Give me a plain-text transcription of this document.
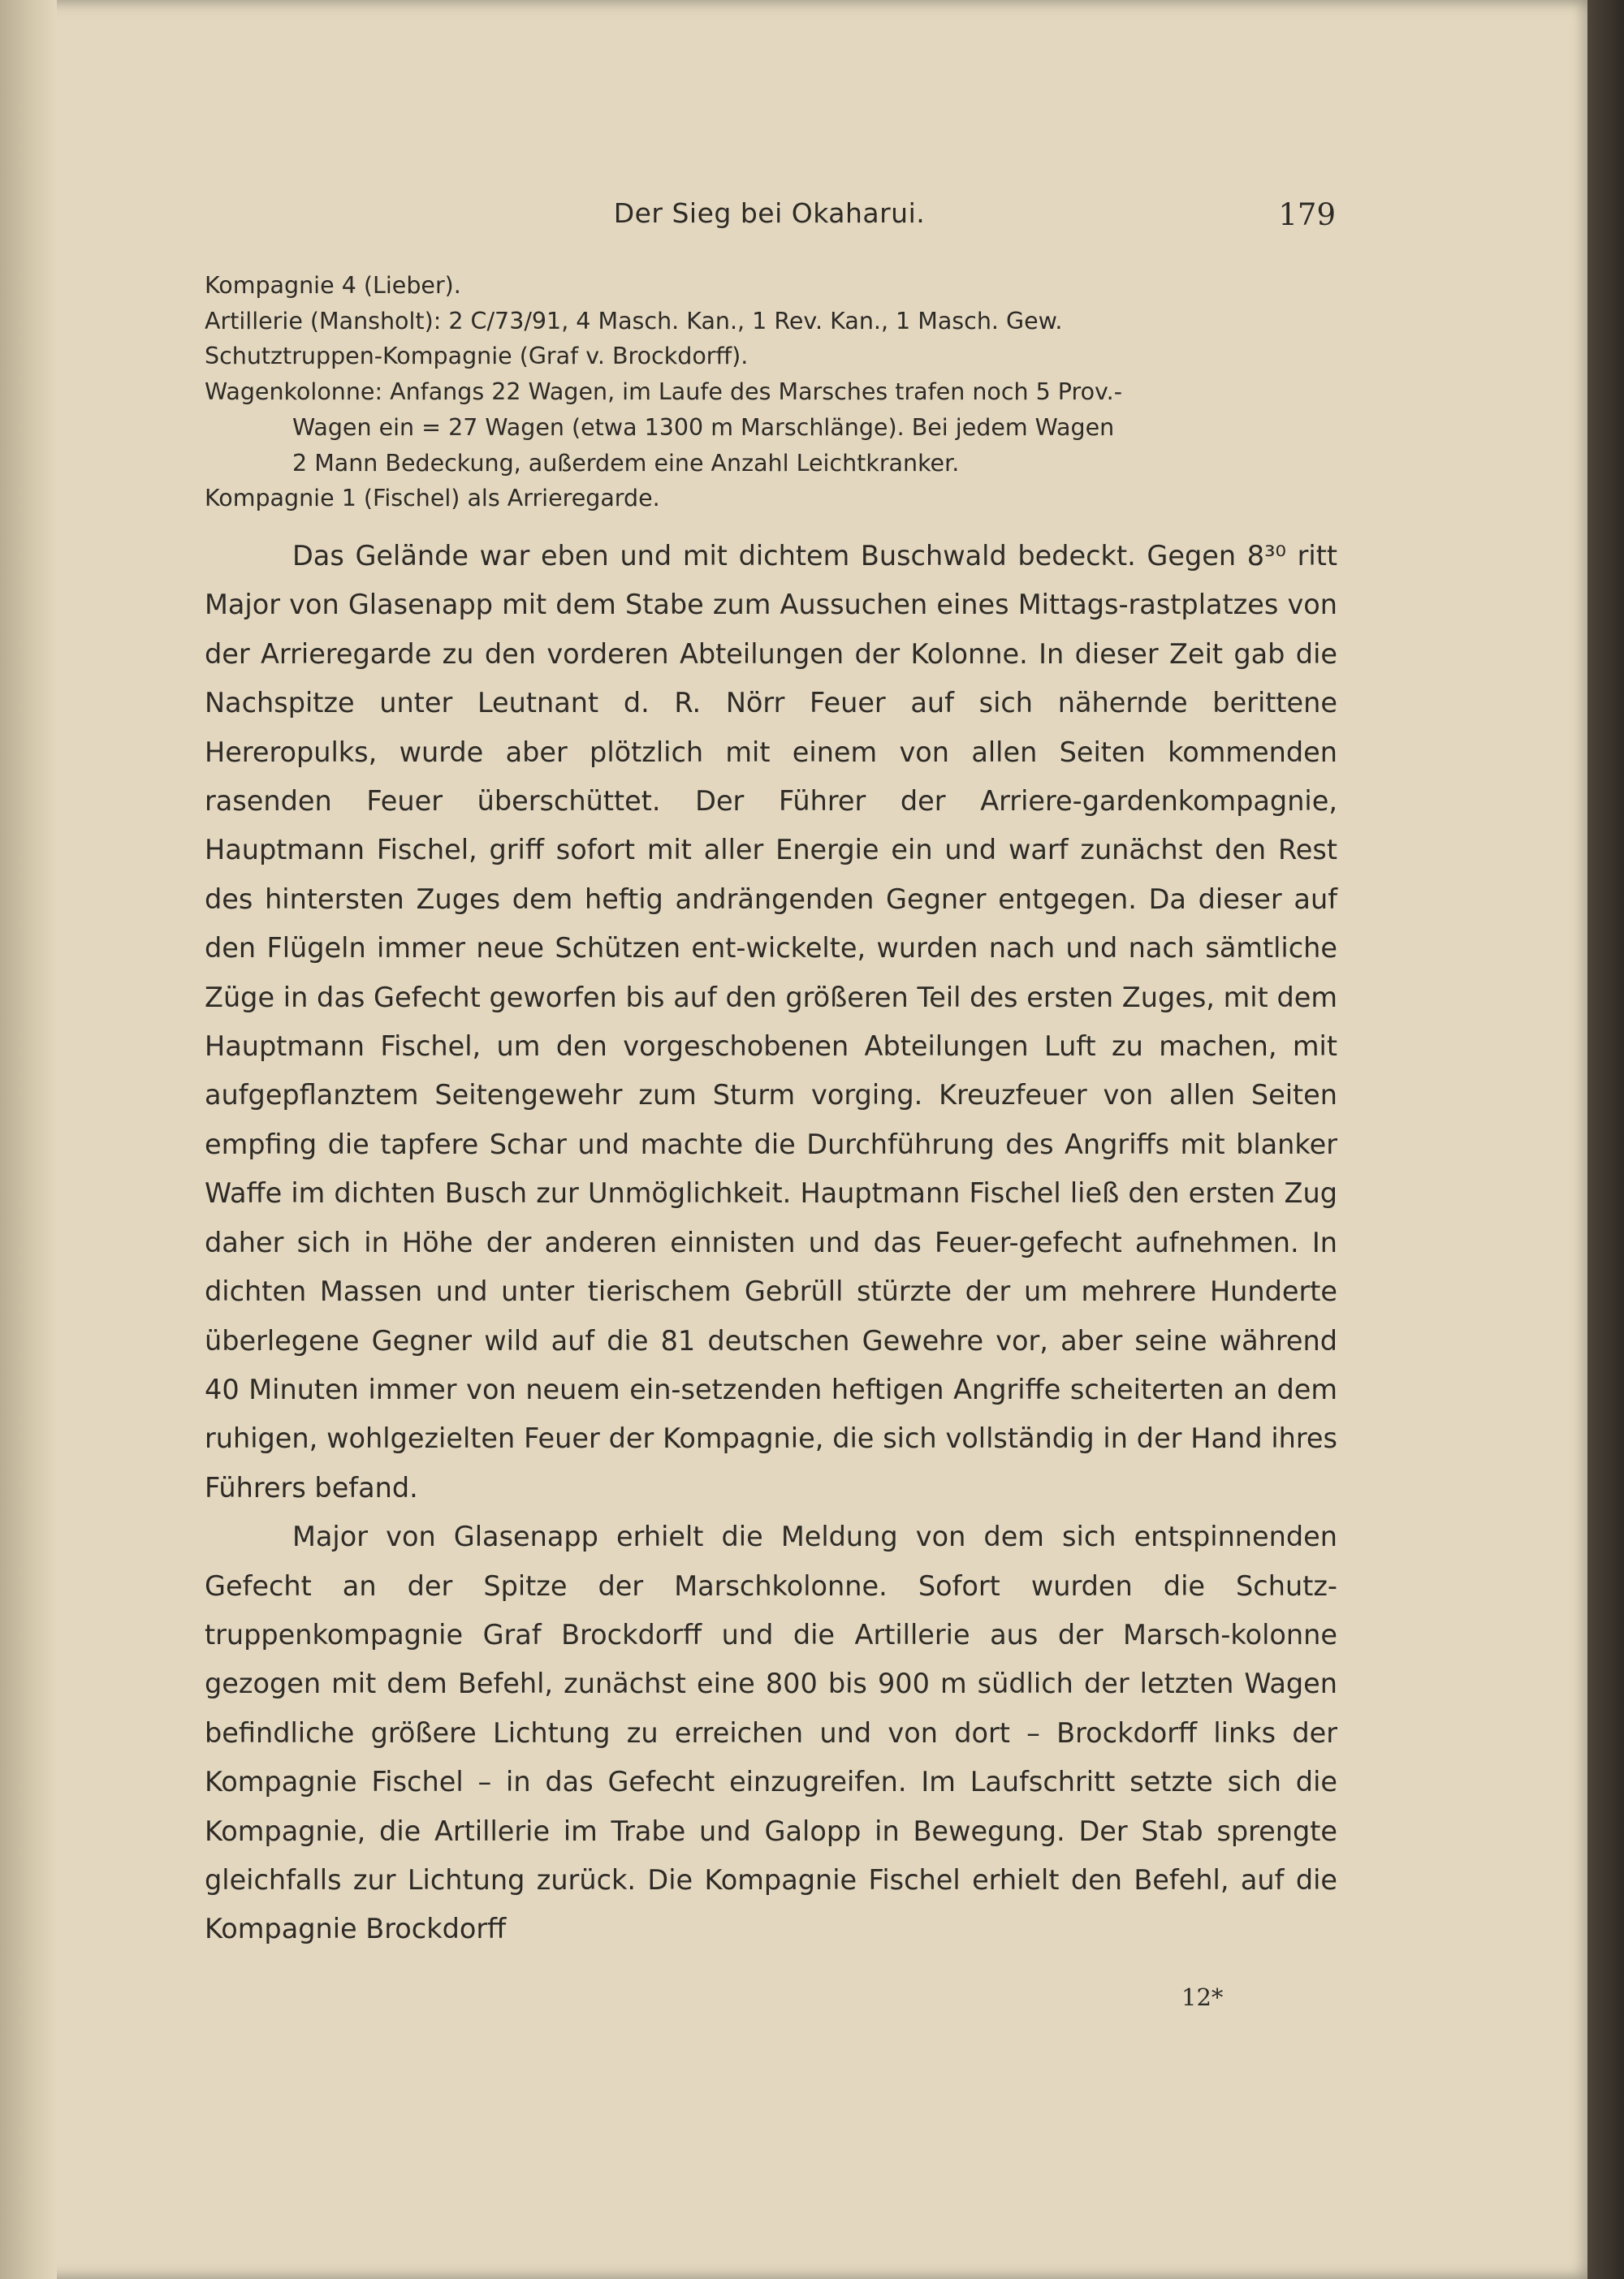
Der Sieg bei Okaharui.	179

Kompagnie 4 (Lieber).

Artillerie (Mansholt): 2 C/73/91, 4 Masch. Kan., 1 Rev. Kan., 1 Masch. Gew.

Schutztruppen-Kompagnie (Graf v. Brockdorff).

Wagenkolonne: Anfangs 22 Wagen, im Laufe des Marsches trafen noch 5 Prov.-

Wagen ein = 27 Wagen (etwa 1300 m Marschlänge). Bei jedem Wagen

2 Mann Bedeckung, außerdem eine Anzahl Leichtkranker.

Kompagnie 1 (Fischel) als Arrieregarde.

Das Gelände war eben und mit dichtem Buschwald bedeckt. Gegen 8³⁰ ritt Major von Glasenapp mit dem Stabe zum Aussuchen eines Mittags-rastplatzes von der Arrieregarde zu den vorderen Abteilungen der Kolonne. In dieser Zeit gab die Nachspitze unter Leutnant d. R. Nörr Feuer auf sich nähernde berittene Hereropulks, wurde aber plötzlich mit einem von allen Seiten kommenden rasenden Feuer überschüttet. Der Führer der Arriere-gardenkompagnie, Hauptmann Fischel, griff sofort mit aller Energie ein und warf zunächst den Rest des hintersten Zuges dem heftig andrängenden Gegner entgegen. Da dieser auf den Flügeln immer neue Schützen ent-wickelte, wurden nach und nach sämtliche Züge in das Gefecht geworfen bis auf den größeren Teil des ersten Zuges, mit dem Hauptmann Fischel, um den vorgeschobenen Abteilungen Luft zu machen, mit aufgepflanztem Seitengewehr zum Sturm vorging. Kreuzfeuer von allen Seiten empfing die tapfere Schar und machte die Durchführung des Angriffs mit blanker Waffe im dichten Busch zur Unmöglichkeit. Hauptmann Fischel ließ den ersten Zug daher sich in Höhe der anderen einnisten und das Feuer-gefecht aufnehmen. In dichten Massen und unter tierischem Gebrüll stürzte der um mehrere Hunderte überlegene Gegner wild auf die 81 deutschen Gewehre vor, aber seine während 40 Minuten immer von neuem ein-setzenden heftigen Angriffe scheiterten an dem ruhigen, wohlgezielten Feuer der Kompagnie, die sich vollständig in der Hand ihres Führers befand.

Major von Glasenapp erhielt die Meldung von dem sich entspinnenden Gefecht an der Spitze der Marschkolonne. Sofort wurden die Schutz-truppenkompagnie Graf Brockdorff und die Artillerie aus der Marsch-kolonne gezogen mit dem Befehl, zunächst eine 800 bis 900 m südlich der letzten Wagen befindliche größere Lichtung zu erreichen und von dort – Brockdorff links der Kompagnie Fischel – in das Gefecht einzugreifen. Im Laufschritt setzte sich die Kompagnie, die Artillerie im Trabe und Galopp in Bewegung. Der Stab sprengte gleichfalls zur Lichtung zurück. Die Kompagnie Fischel erhielt den Befehl, auf die Kompagnie Brockdorff

12*
